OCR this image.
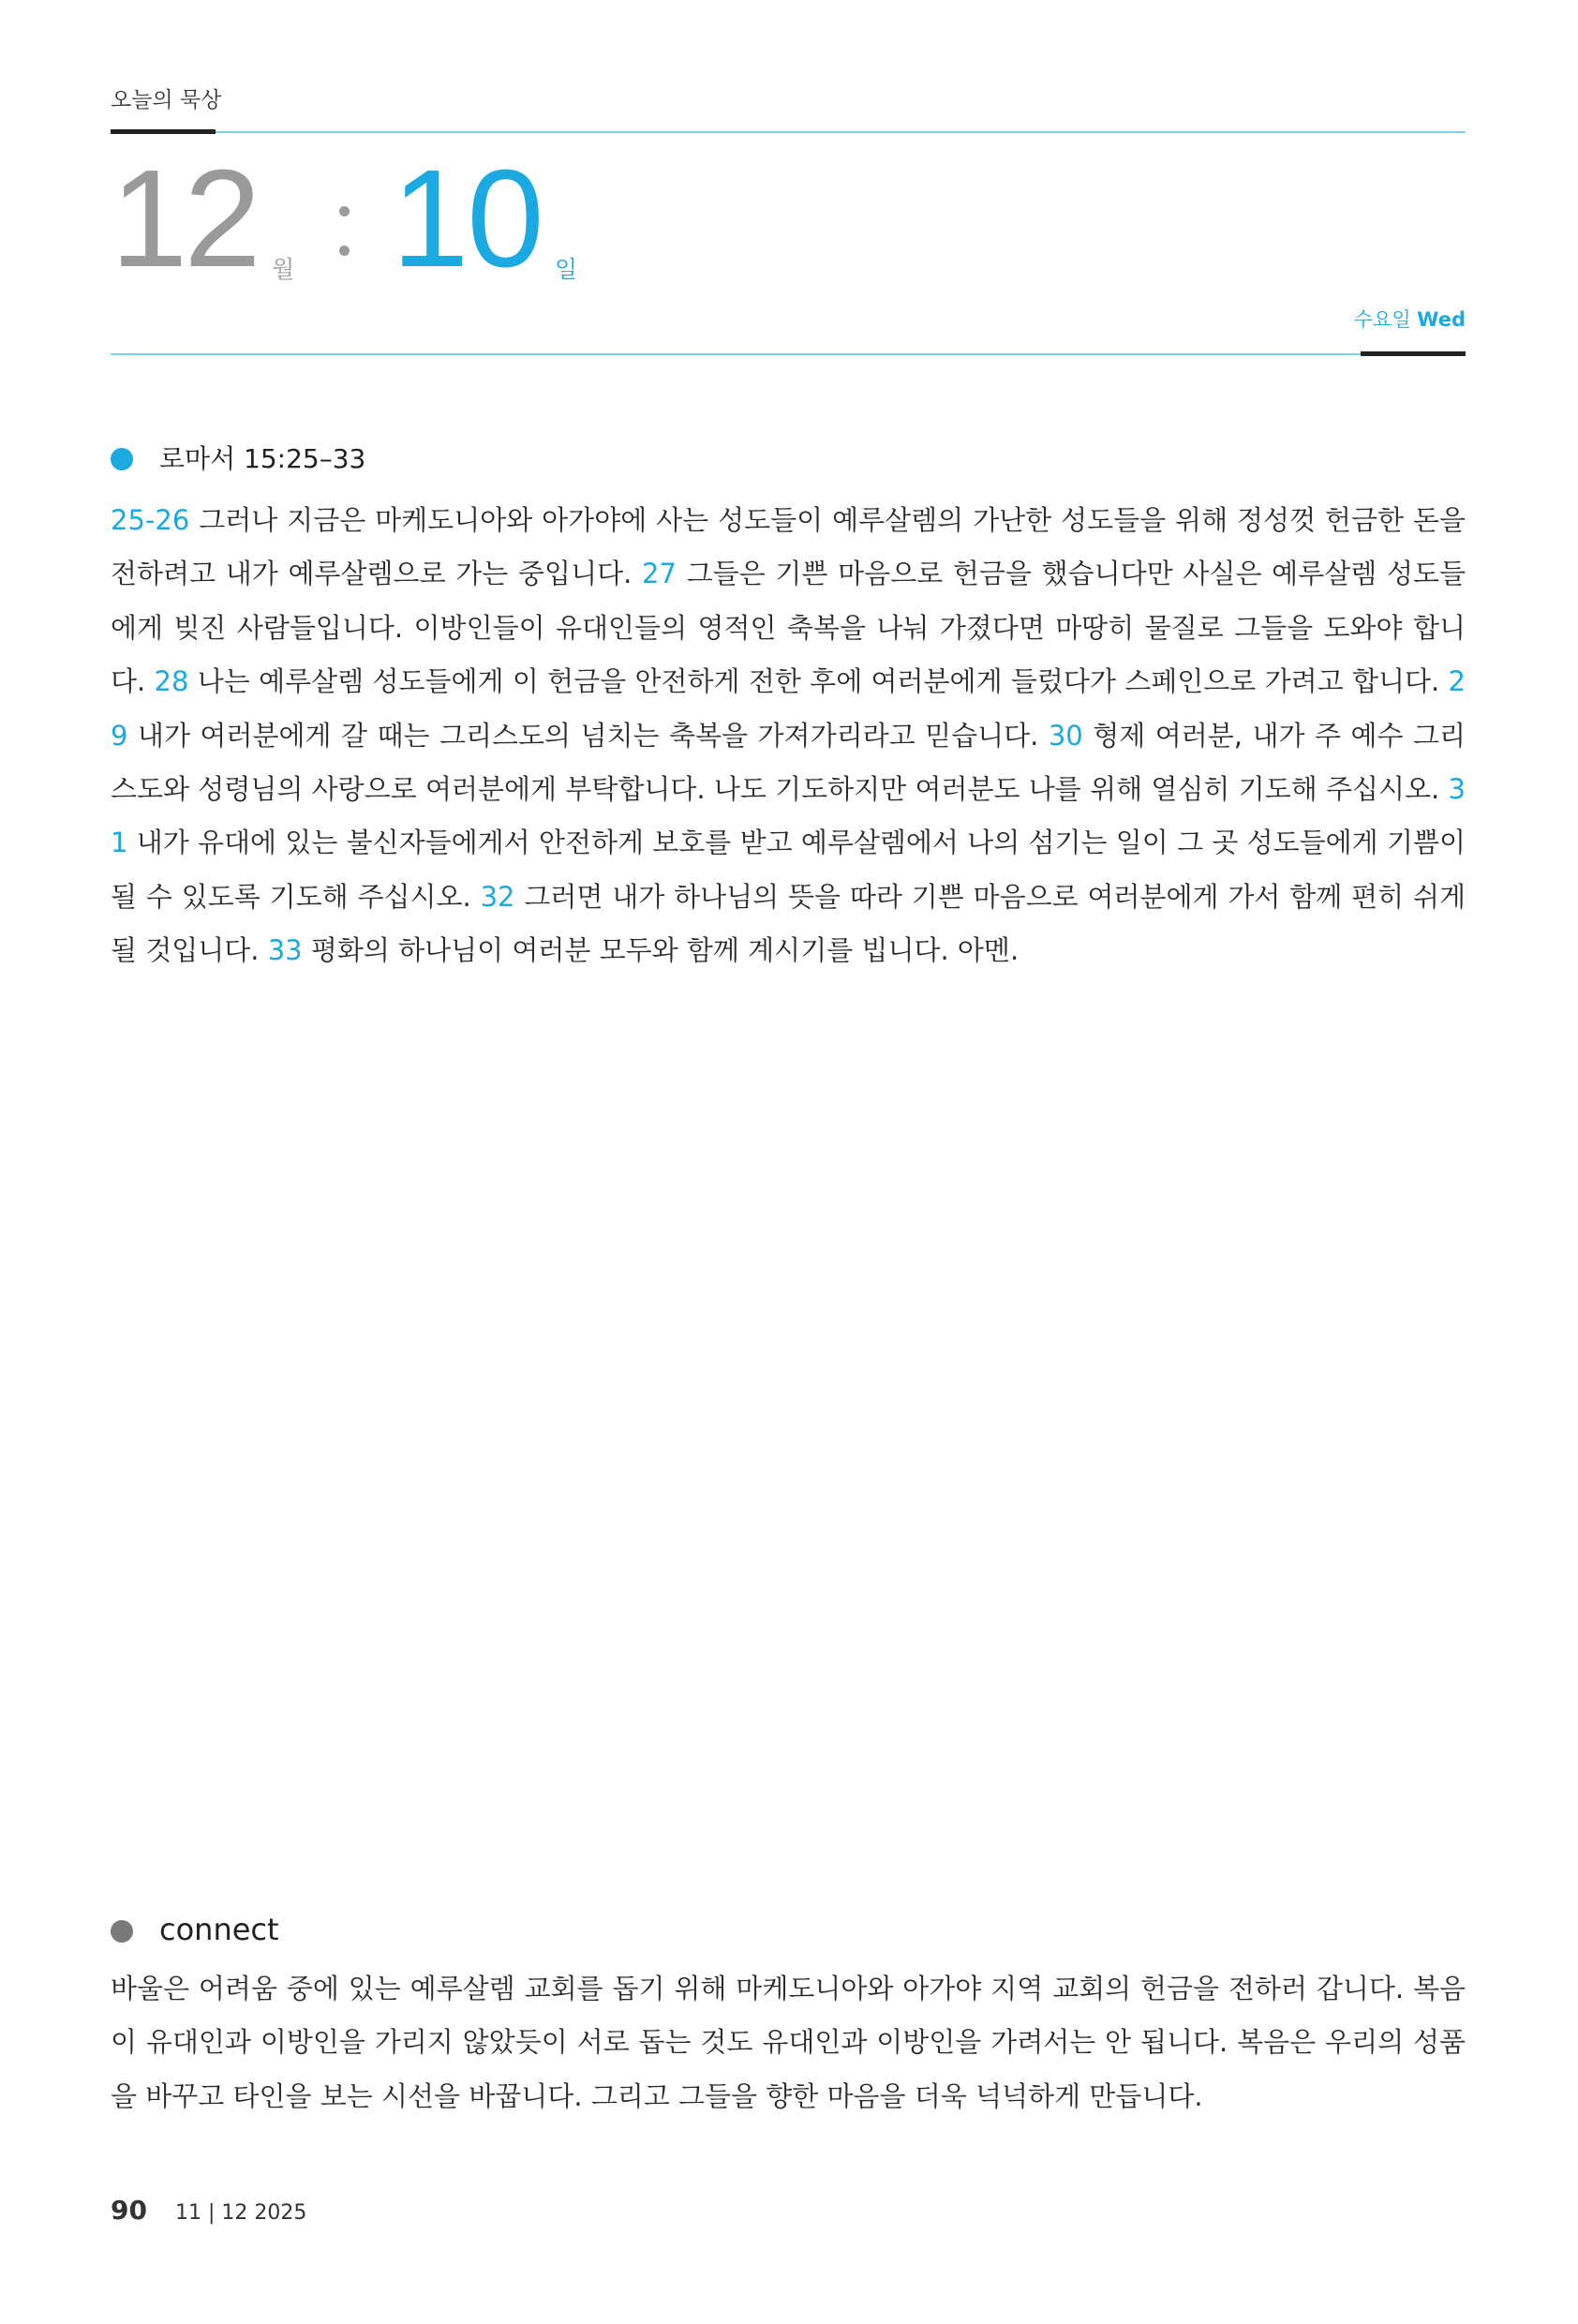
오늘의 묵상
12 월 10 일
수요일 Wed
로마서 15:25–33
25-26 그러나 지금은 마케도니아와 아가야에 사는 성도들이 예루살렘의 가난한 성도들을 위해 정성껏 헌금한 돈을 전하려고 내가 예루살렘으로 가는 중입니다. 27 그들은 기쁜 마음으로 헌금을 했습니다만 사실은 예루살렘 성도들에게 빚진 사람들입니다. 이방인들이 유대인들의 영적인 축복을 나눠 가졌다면 마땅히 물질로 그들을 도와야 합니다. 28 나는 예루살렘 성도들에게 이 헌금을 안전하게 전한 후에 여러분에게 들렀다가 스페인으로 가려고 합니다. 29 내가 여러분에게 갈 때는 그리스도의 넘치는 축복을 가져가리라고 믿습니다. 30 형제 여러분, 내가 주 예수 그리스도와 성령님의 사랑으로 여러분에게 부탁합니다. 나도 기도하지만 여러분도 나를 위해 열심히 기도해 주십시오. 31 내가 유대에 있는 불신자들에게서 안전하게 보호를 받고 예루살렘에서 나의 섬기는 일이 그 곳 성도들에게 기쁨이 될 수 있도록 기도해 주십시오. 32 그러면 내가 하나님의 뜻을 따라 기쁜 마음으로 여러분에게 가서 함께 편히 쉬게 될 것입니다. 33 평화의 하나님이 여러분 모두와 함께 계시기를 빕니다. 아멘.
connect
바울은 어려움 중에 있는 예루살렘 교회를 돕기 위해 마케도니아와 아가야 지역 교회의 헌금을 전하러 갑니다. 복음이 유대인과 이방인을 가리지 않았듯이 서로 돕는 것도 유대인과 이방인을 가려서는 안 됩니다. 복음은 우리의 성품을 바꾸고 타인을 보는 시선을 바꿉니다. 그리고 그들을 향한 마음을 더욱 넉넉하게 만듭니다.
90 11 | 12 2025
